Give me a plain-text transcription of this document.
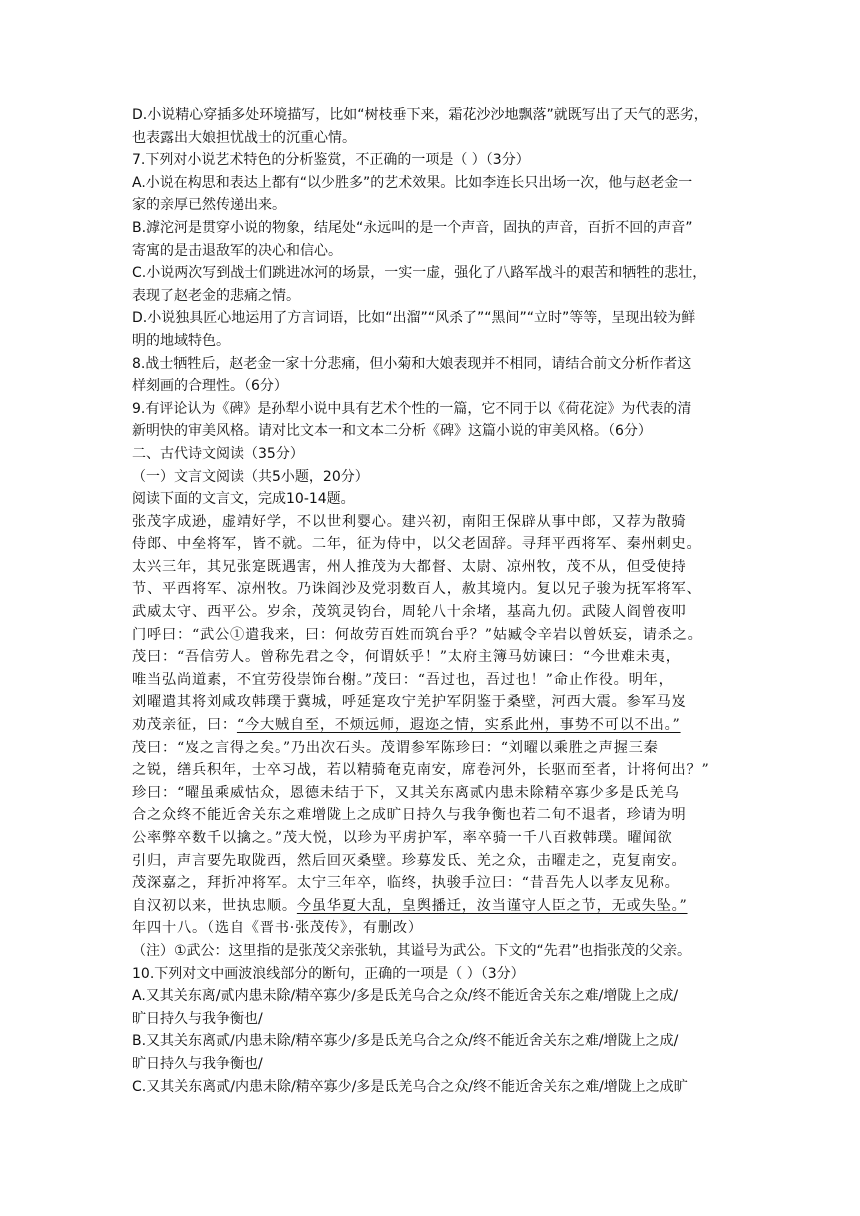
D.小说精心穿插多处环境描写，比如“树枝垂下来，霜花沙沙地飘落”就既写出了天气的恶劣，
也表露出大娘担忧战士的沉重心情。
7.下列对小说艺术特色的分析鉴赏，不正确的一项是（ ）（3分）
A.小说在构思和表达上都有“以少胜多”的艺术效果。比如李连长只出场一次，他与赵老金一
家的亲厚已然传递出来。
B.滹沱河是贯穿小说的物象，结尾处“永远叫的是一个声音，固执的声音，百折不回的声音”
寄寓的是击退敌军的决心和信心。
C.小说两次写到战士们跳进冰河的场景，一实一虚，强化了八路军战斗的艰苦和牺牲的悲壮，
表现了赵老金的悲痛之情。
D.小说独具匠心地运用了方言词语，比如“出溜”“风杀了”“黑间”“立时”等等，呈现出较为鲜
明的地域特色。
8.战士牺牲后，赵老金一家十分悲痛，但小菊和大娘表现并不相同，请结合前文分析作者这
样刻画的合理性。（6分）
9.有评论认为《碑》是孙犁小说中具有艺术个性的一篇，它不同于以《荷花淀》为代表的清
新明快的审美风格。请对比文本一和文本二分析《碑》这篇小说的审美风格。（6分）
二、古代诗文阅读（35分）
（一）文言文阅读（共5小题，20分）
阅读下面的文言文，完成10-14题。
张茂字成逊，虚靖好学，不以世利婴心。建兴初，南阳王保辟从事中郎，又荐为散骑
侍郎、中垒将军，皆不就。二年，征为侍中，以父老固辞。寻拜平西将军、秦州刺史。
太兴三年，其兄张寔既遇害，州人推茂为大都督、太尉、凉州牧，茂不从，但受使持
节、平西将军、凉州牧。乃诛阎沙及党羽数百人，赦其境内。复以兄子骏为抚军将军、
武威太守、西平公。岁余，茂筑灵钧台，周轮八十余堵，基高九仞。武陵人阎曾夜叩
门呼曰：“武公①遣我来，曰：何故劳百姓而筑台乎？”姑臧令辛岩以曾妖妄，请杀之。
茂曰：“吾信劳人。曾称先君之令，何谓妖乎！”太府主簿马妨谏曰：“今世难未夷，
唯当弘尚道素，不宜劳役崇饰台榭。”茂曰：“吾过也，吾过也！”命止作役。明年，
刘曜遣其将刘咸攻韩璞于冀城，呼延寔攻宁羌护军阴鉴于桑壁，河西大震。参军马岌
劝茂亲征，曰：“今大贼自至，不烦远师，遐迩之情，实系此州，事势不可以不出。”
茂曰：“岌之言得之矣。”乃出次石头。茂谓参军陈珍曰：“刘曜以乘胜之声握三秦
之锐，缮兵积年，士卒习战，若以精骑奄克南安，席卷河外，长驱而至者，计将何出？”
珍曰：“曜虽乘威怙众，恩德未结于下，又其关东离贰内患未除精卒寡少多是氐羌乌
合之众终不能近舍关东之难增陇上之成旷日持久与我争衡也若二旬不退者，珍请为明
公率弊卒数千以擒之。”茂大悦，以珍为平虏护军，率卒骑一千八百救韩璞。曜闻欲
引归，声言要先取陇西，然后回灭桑壁。珍募发氐、羌之众，击曜走之，克复南安。
茂深嘉之，拜折冲将军。太宁三年卒，临终，执骏手泣曰：“昔吾先人以孝友见称。
自汉初以来，世执忠顺。今虽华夏大乱，皇舆播迁，汝当谨守人臣之节，无或失坠。”
年四十八。（选自《晋书·张茂传》，有删改）
（注）①武公：这里指的是张茂父亲张轨，其谥号为武公。下文的“先君”也指张茂的父亲。
10.下列对文中画波浪线部分的断句，正确的一项是（ ）（3分）
A.又其关东离/贰内患未除/精卒寡少/多是氐羌乌合之众/终不能近舍关东之难/增陇上之成/
旷日持久与我争衡也/
B.又其关东离贰/内患未除/精卒寡少/多是氐羌乌合之众/终不能近舍关东之难/增陇上之成/
旷日持久与我争衡也/
C.又其关东离贰/内患未除/精卒寡少/多是氐羌乌合之众/终不能近舍关东之难/增陇上之成旷
